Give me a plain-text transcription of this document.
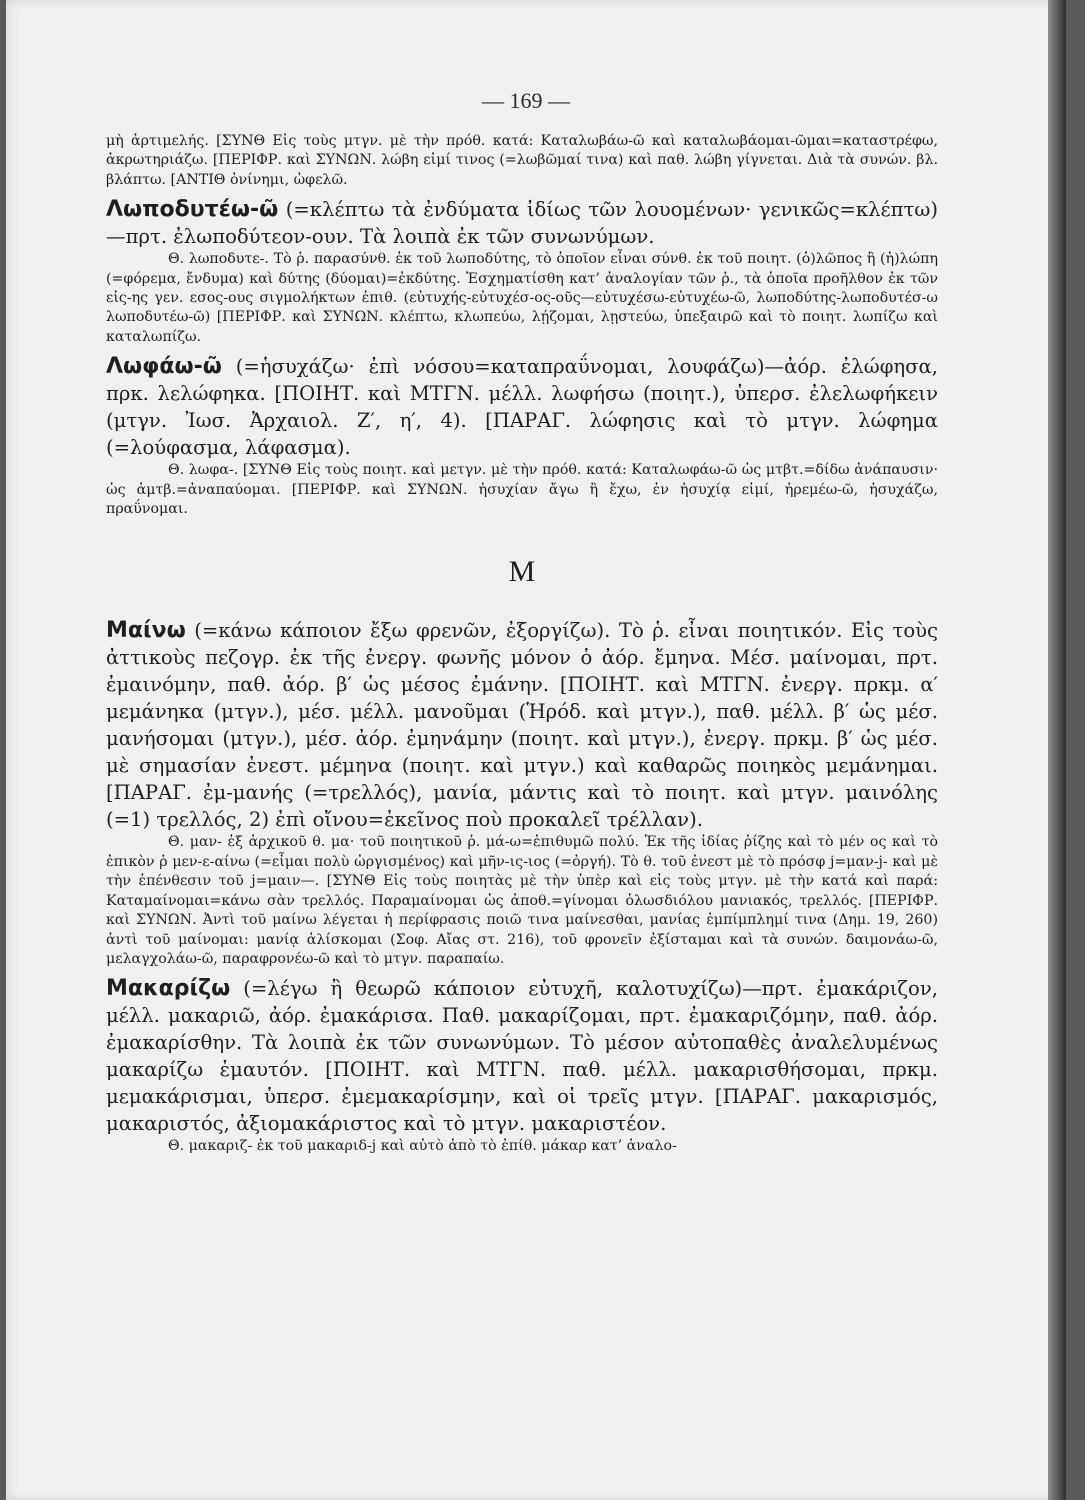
— 169 —

μὴ ἀρτιμελής. [ΣΥΝΘ Εἰς τοὺς μτγν. μὲ τὴν πρόθ. κατά: Καταλωβάω-ῶ καὶ καταλωβάομαι-ῶμαι=καταστρέφω, ἀκρωτηριάζω. [ΠΕΡΙΦΡ. καὶ ΣΥΝΩΝ. λώβη εἰμί τινος (=λωβῶμαί τινα) καὶ παθ. λώβη γίγνεται. Διὰ τὰ συνών. βλ. βλάπτω. [ΑΝΤΙΘ ὀνίνημι, ὠφελῶ.

Λωποδυτέω-ῶ (=κλέπτω τὰ ἐνδύματα ἰδίως τῶν λουομένων· γενικῶς=κλέπτω)—πρτ. ἐλωποδύτεον-ουν. Τὰ λοιπὰ ἐκ τῶν συνωνύμων.

Θ. λωποδυτε-. Τὸ ῥ. παρασύνθ. ἐκ τοῦ λωποδύτης, τὸ ὁποῖον εἶναι σύνθ. ἐκ τοῦ ποιητ. (ὁ)λῶπος ἢ (ἡ)λώπη (=φόρεμα, ἔνδυμα) καὶ δύτης (δύομαι)=ἐκδύτης. Ἐσχηματίσθη κατ’ ἀναλογίαν τῶν ῥ., τὰ ὁποῖα προῆλθον ἐκ τῶν εἰς-ης γεν. εσος-ους σιγμολήκτων ἐπιθ. (εὐτυχής-εὐτυχέσ-ος-οῦς—εὐτυχέσω-εὐτυχέω-ῶ, λωποδύτης-λωποδυτέσ-ω λωποδυτέω-ῶ) [ΠΕΡΙΦΡ. καὶ ΣΥΝΩΝ. κλέπτω, κλωπεύω, λῄζομαι, λῃστεύω, ὑπεξαιρῶ καὶ τὸ ποιητ. λωπίζω καὶ καταλωπίζω.

Λωφάω-ῶ (=ἡσυχάζω· ἐπὶ νόσου=καταπραΰνομαι, λουφάζω)—ἀόρ. ἐλώφησα, πρκ. λελώφηκα. [ΠΟΙΗΤ. καὶ ΜΤΓΝ. μέλλ. λωφήσω (ποιητ.), ὑπερσ. ἐλελωφήκειν (μτγν. Ἰωσ. Ἀρχαιολ. Ζ′, η′, 4). [ΠΑΡΑΓ. λώφησις καὶ τὸ μτγν. λώφημα (=λούφασμα, λάφασμα).

Θ. λωφα-. [ΣΥΝΘ Εἰς τοὺς ποιητ. καὶ μετγν. μὲ τὴν πρόθ. κατά: Καταλωφάω-ῶ ὡς μτβτ.=δίδω ἀνάπαυσιν· ὡς ἀμτβ.=ἀναπαύομαι. [ΠΕΡΙΦΡ. καὶ ΣΥΝΩΝ. ἡσυχίαν ἄγω ἢ ἔχω, ἐν ἡσυχίᾳ εἰμί, ἠρεμέω-ῶ, ἡσυχάζω, πραΰνομαι.

Μ

Μαίνω (=κάνω κάποιον ἔξω φρενῶν, ἐξοργίζω). Τὸ ῥ. εἶναι ποιητικόν. Εἰς τοὺς ἀττικοὺς πεζογρ. ἐκ τῆς ἐνεργ. φωνῆς μόνον ὁ ἀόρ. ἔμηνα. Μέσ. μαίνομαι, πρτ. ἐμαινόμην, παθ. ἀόρ. β′ ὡς μέσος ἐμάνην. [ΠΟΙΗΤ. καὶ ΜΤΓΝ. ἐνεργ. πρκμ. α′ μεμάνηκα (μτγν.), μέσ. μέλλ. μανοῦμαι (Ἡρόδ. καὶ μτγν.), παθ. μέλλ. β′ ὡς μέσ. μανήσομαι (μτγν.), μέσ. ἀόρ. ἐμηνάμην (ποιητ. καὶ μτγν.), ἐνεργ. πρκμ. β′ ὡς μέσ. μὲ σημασίαν ἐνεστ. μέμηνα (ποιητ. καὶ μτγν.) καὶ καθαρῶς ποιηκὸς μεμάνημαι. [ΠΑΡΑΓ. ἐμ-μανής (=τρελλός), μανία, μάντις καὶ τὸ ποιητ. καὶ μτγν. μαινόλης (=1) τρελλός, 2) ἐπὶ οἴνου=ἐκεῖνος ποὺ προκαλεῖ τρέλλαν).

Θ. μαν- ἐξ ἀρχικοῦ θ. μα· τοῦ ποιητικοῦ ῥ. μά-ω=ἐπιθυμῶ πολύ. Ἐκ τῆς ἰδίας ῥίζης καὶ τὸ μέν ος καὶ τὸ ἐπικὸν ῥ μεν-ε-αίνω (=εἶμαι πολὺ ὠργισμένος) καὶ μῆν-ις-ιος (=ὀργή). Τὸ θ. τοῦ ἐνεστ μὲ τὸ πρόσφ j=μαν-j- καὶ μὲ τὴν ἐπένθεσιν τοῦ j=μαιν—. [ΣΥΝΘ Εἰς τοὺς ποιητὰς μὲ τὴν ὑπὲρ καὶ εἰς τοὺς μτγν. μὲ τὴν κατά καὶ παρά: Καταμαίνομαι=κάνω σὰν τρελλός. Παραμαίνομαι ὡς ἀποθ.=γίνομαι ὁλωσδιόλου μανιακός, τρελλός. [ΠΕΡΙΦΡ. καὶ ΣΥΝΩΝ. Ἀντὶ τοῦ μαίνω λέγεται ἡ περίφρασις ποιῶ τινα μαίνεσθαι, μανίας ἐμπίμπλημί τινα (Δημ. 19, 260) ἀντὶ τοῦ μαίνομαι: μανίᾳ ἁλίσκομαι (Σοφ. Αἴας στ. 216), τοῦ φρονεῖν ἐξίσταμαι καὶ τὰ συνών. δαιμονάω-ῶ, μελαγχολάω-ῶ, παραφρονέω-ῶ καὶ τὸ μτγν. παραπαίω.

Μακαρίζω (=λέγω ἢ θεωρῶ κάποιον εὐτυχῆ, καλοτυχίζω)—πρτ. ἐμακάριζον, μέλλ. μακαριῶ, ἀόρ. ἐμακάρισα. Παθ. μακαρίζομαι, πρτ. ἐμακαριζόμην, παθ. ἀόρ. ἐμακαρίσθην. Τὰ λοιπὰ ἐκ τῶν συνωνύμων. Τὸ μέσον αὐτοπαθὲς ἀναλελυμένως μακαρίζω ἐμαυτόν. [ΠΟΙΗΤ. καὶ ΜΤΓΝ. παθ. μέλλ. μακαρισθήσομαι, πρκμ. μεμακάρισμαι, ὑπερσ. ἐμεμακαρίσμην, καὶ οἱ τρεῖς μτγν. [ΠΑΡΑΓ. μακαρισμός, μακαριστός, ἀξιομακάριστος καὶ τὸ μτγν. μακαριστέον.

Θ. μακαριζ- ἐκ τοῦ μακαριδ-j καὶ αὐτὸ ἀπὸ τὸ ἐπίθ. μάκαρ κατ’ ἀναλο-
